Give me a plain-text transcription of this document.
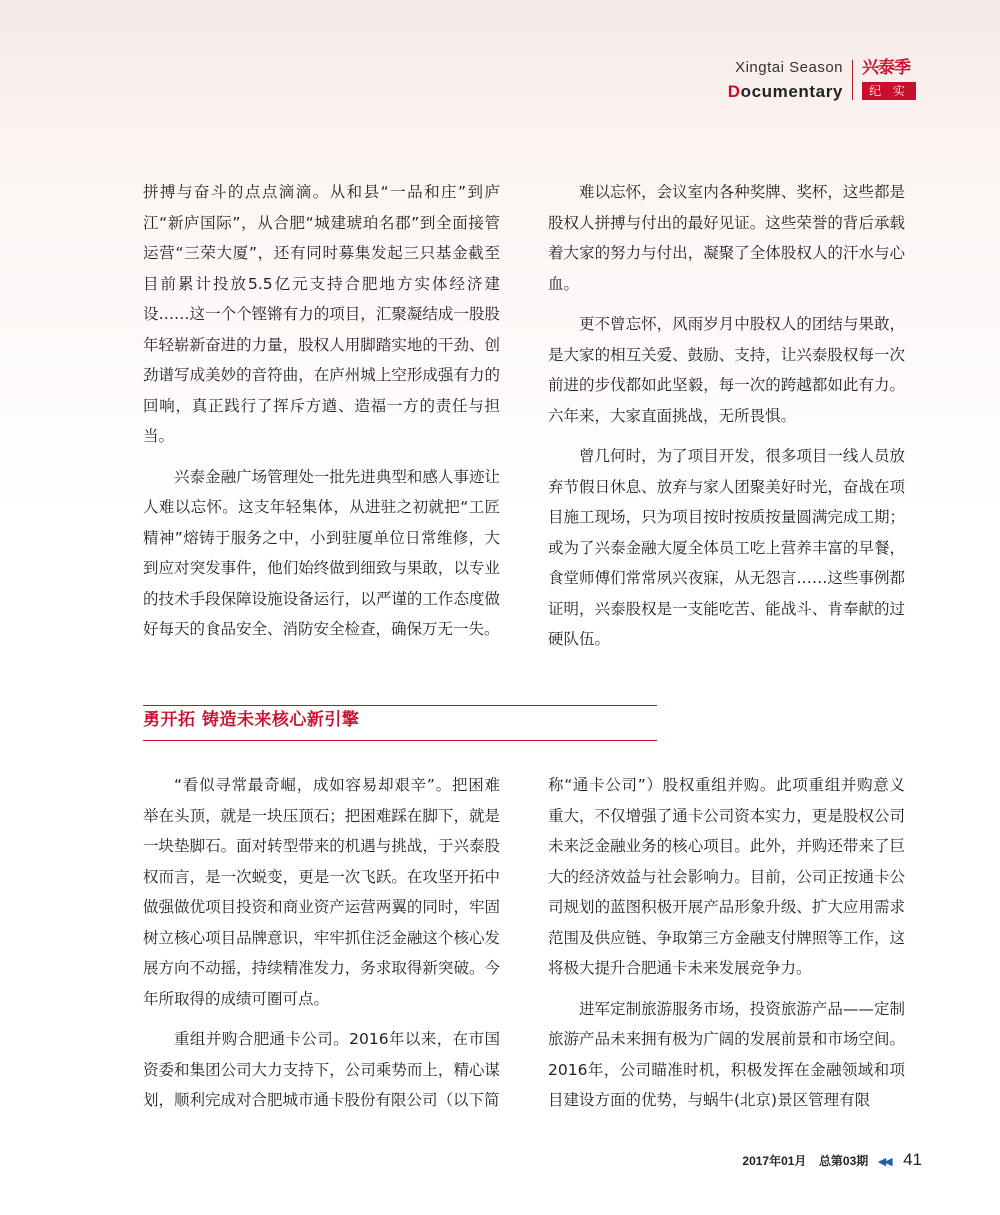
Xingtai Season
Documentary
兴泰季
纪 实

拼搏与奋斗的点点滴滴。从和县“一品和庄”到庐江“新庐国际”，从合肥“城建琥珀名郡”到全面接管运营“三荣大厦”，还有同时募集发起三只基金截至目前累计投放5.5亿元支持合肥地方实体经济建设……这一个个铿锵有力的项目，汇聚凝结成一股股年轻崭新奋进的力量，股权人用脚踏实地的干劲、创劲谱写成美妙的音符曲，在庐州城上空形成强有力的回响，真正践行了挥斥方遒、造福一方的责任与担当。

兴泰金融广场管理处一批先进典型和感人事迹让人难以忘怀。这支年轻集体，从进驻之初就把“工匠精神”熔铸于服务之中，小到驻厦单位日常维修，大到应对突发事件，他们始终做到细致与果敢，以专业的技术手段保障设施设备运行，以严谨的工作态度做好每天的食品安全、消防安全检查，确保万无一失。

难以忘怀，会议室内各种奖牌、奖杯，这些都是股权人拼搏与付出的最好见证。这些荣誉的背后承载着大家的努力与付出，凝聚了全体股权人的汗水与心血。

更不曾忘怀，风雨岁月中股权人的团结与果敢，是大家的相互关爱、鼓励、支持，让兴泰股权每一次前进的步伐都如此坚毅，每一次的跨越都如此有力。六年来，大家直面挑战，无所畏惧。

曾几何时，为了项目开发，很多项目一线人员放弃节假日休息、放弃与家人团聚美好时光，奋战在项目施工现场，只为项目按时按质按量圆满完成工期；或为了兴泰金融大厦全体员工吃上营养丰富的早餐，食堂师傅们常常夙兴夜寐，从无怨言……这些事例都证明，兴泰股权是一支能吃苦、能战斗、肯奉献的过硬队伍。

勇开拓 铸造未来核心新引擎

“看似寻常最奇崛，成如容易却艰辛”。把困难举在头顶，就是一块压顶石；把困难踩在脚下，就是一块垫脚石。面对转型带来的机遇与挑战，于兴泰股权而言，是一次蜕变，更是一次飞跃。在攻坚开拓中做强做优项目投资和商业资产运营两翼的同时，牢固树立核心项目品牌意识，牢牢抓住泛金融这个核心发展方向不动摇，持续精准发力，务求取得新突破。今年所取得的成绩可圈可点。

重组并购合肥通卡公司。2016年以来，在市国资委和集团公司大力支持下，公司乘势而上，精心谋划，顺利完成对合肥城市通卡股份有限公司（以下简

称“通卡公司”）股权重组并购。此项重组并购意义重大，不仅增强了通卡公司资本实力，更是股权公司未来泛金融业务的核心项目。此外，并购还带来了巨大的经济效益与社会影响力。目前，公司正按通卡公司规划的蓝图积极开展产品形象升级、扩大应用需求范围及供应链、争取第三方金融支付牌照等工作，这将极大提升合肥通卡未来发展竞争力。

进军定制旅游服务市场，投资旅游产品——定制旅游产品未来拥有极为广阔的发展前景和市场空间。2016年，公司瞄准时机，积极发挥在金融领域和项目建设方面的优势，与蜗牛(北京)景区管理有限

2017年01月 总第03期 ◀◀ 41
